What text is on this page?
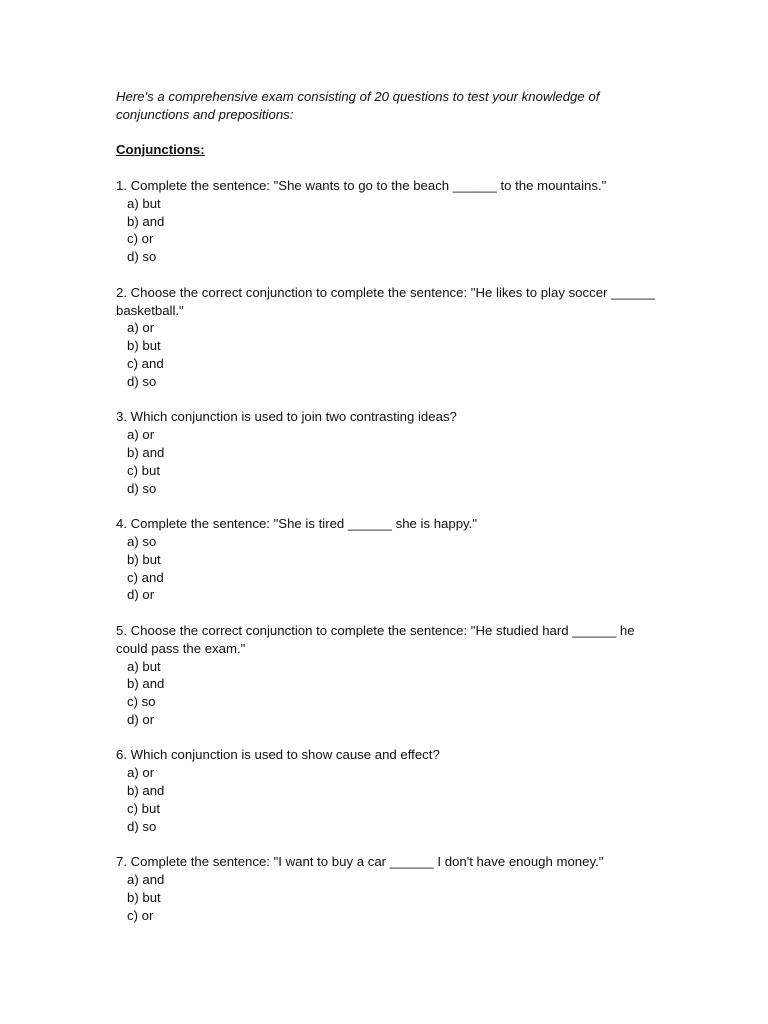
Here's a comprehensive exam consisting of 20 questions to test your knowledge of conjunctions and prepositions:

Conjunctions:

1. Complete the sentence: "She wants to go to the beach ______ to the mountains."

a) but
b) and
c) or
d) so

2. Choose the correct conjunction to complete the sentence: "He likes to play soccer ______ basketball."

a) or
b) but
c) and
d) so

3. Which conjunction is used to join two contrasting ideas?

a) or
b) and
c) but
d) so

4. Complete the sentence: "She is tired ______ she is happy."

a) so
b) but
c) and
d) or

5. Choose the correct conjunction to complete the sentence: "He studied hard ______ he could pass the exam."

a) but
b) and
c) so
d) or

6. Which conjunction is used to show cause and effect?

a) or
b) and
c) but
d) so

7. Complete the sentence: "I want to buy a car ______ I don't have enough money."

a) and
b) but
c) or
